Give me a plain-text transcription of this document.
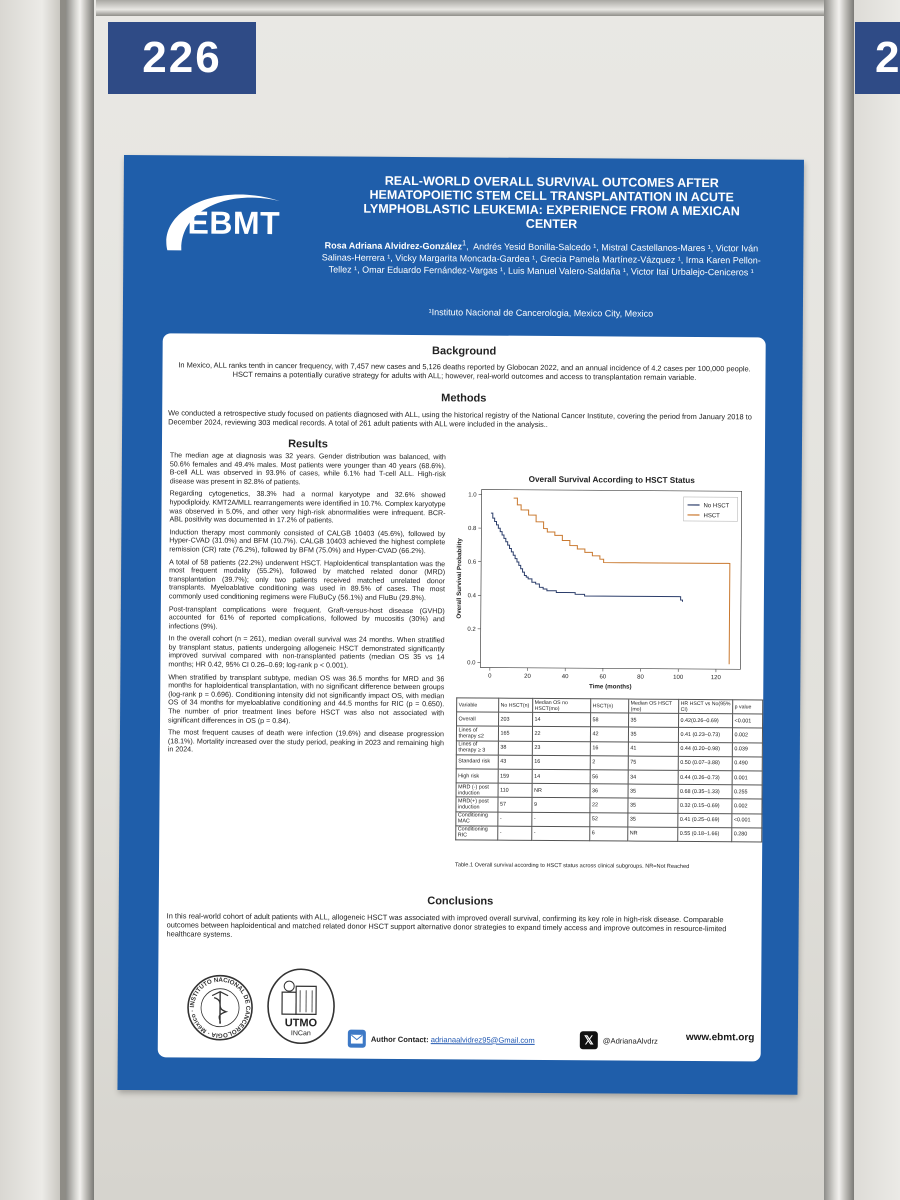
226	2
EBMT
REAL-WORLD OVERALL SURVIVAL OUTCOMES AFTER HEMATOPOIETIC STEM CELL TRANSPLANTATION IN ACUTE LYMPHOBLASTIC LEUKEMIA: EXPERIENCE FROM A MEXICAN CENTER
Rosa Adriana Alvidrez-González$^1$,  Andrés Yesid Bonilla-Salcedo ¹, Mistral Castellanos-Mares ¹, Victor Iván Salinas-Herrera ¹, Vicky Margarita Moncada-Gardea ¹, Grecia Pamela Martínez-Vázquez ¹, Irma Karen Pellon-Tellez ¹, Omar Eduardo Fernández-Vargas ¹, Luis Manuel Valero-Saldaña ¹, Victor Itaí Urbalejo-Ceniceros ¹
¹Instituto Nacional de Cancerologia, Mexico City, Mexico
Background
In Mexico, ALL ranks tenth in cancer frequency, with 7,457 new cases and 5,126 deaths reported by Globocan 2022, and an annual incidence of 4.2 cases per 100,000 people. HSCT remains a potentially curative strategy for adults with ALL; however, real-world outcomes and access to transplantation remain variable.
Methods
We conducted a retrospective study focused on patients diagnosed with ALL, using the historical registry of the National Cancer Institute, covering the period from January 2018 to December 2024, reviewing 303 medical records. A total of 261 adult patients with ALL were included in the analysis..
Results

The median age at diagnosis was 32 years. Gender distribution was balanced, with 50.6% females and 49.4% males. Most patients were younger than 40 years (68.6%). B-cell ALL was observed in 93.9% of cases, while 6.1% had T-cell ALL. High-risk disease was present in 82.8% of patients.

Regarding cytogenetics, 38.3% had a normal karyotype and 32.6% showed hypodiploidy. KMT2A/MLL rearrangements were identified in 10.7%. Complex karyotype was observed in 5.0%, and other very high-risk abnormalities were infrequent. BCR-ABL positivity was documented in 17.2% of patients.

Induction therapy most commonly consisted of CALGB 10403 (45.6%), followed by Hyper-CVAD (31.0%) and BFM (10.7%). CALGB 10403 achieved the highest complete remission (CR) rate (76.2%), followed by BFM (75.0%) and Hyper-CVAD (66.2%).

A total of 58 patients (22.2%) underwent HSCT. Haploidentical transplantation was the most frequent modality (55.2%), followed by matched related donor (MRD) transplantation (39.7%); only two patients received matched unrelated donor transplants. Myeloablative conditioning was used in 89.5% of cases. The most commonly used conditioning regimens were FluBuCy (56.1%) and FluBu (29.8%).

Post-transplant complications were frequent. Graft-versus-host disease (GVHD) accounted for 61% of reported complications, followed by mucositis (30%) and infections (9%).

In the overall cohort (n = 261), median overall survival was 24 months. When stratified by transplant status, patients undergoing allogeneic HSCT demonstrated significantly improved survival compared with non-transplanted patients (median OS 35 vs 14 months; HR 0.42, 95% CI 0.26–0.69; log-rank p < 0.001).

When stratified by transplant subtype, median OS was 36.5 months for MRD and 36 months for haploidentical transplantation, with no significant difference between groups (log-rank p = 0.696). Conditioning intensity did not significantly impact OS, with median OS of 34 months for myeloablative conditioning and 44.5 months for RIC (p = 0.650). The number of prior treatment lines before HSCT was also not associated with significant differences in OS (p = 0.84).

The most frequent causes of death were infection (19.6%) and disease progression (18.1%). Mortality increased over the study period, peaking in 2023 and remaining high in 2024.

Overall Survival According to HSCT Status
Time (months)
Overall Survival Probability
0	20	40	60	80	100	120
0.0
0.2
0.4
0.6
0.8
1.0
No HSCT
HSCT
Variable	No HSCT(n)	Median OS no HSCT(mo)	HSCT(n)	Median OS HSCT (mo)	HR HSCT vs No(95% CI)	p value
Overall	203	14	58	35	0.42(0.26–0.69)	<0.001
Lines of therapy ≤2	165	22	42	35	0.41 (0.23–0.73)	0.002
Lines of therapy ≥ 3	38	23	16	41	0.44 (0.20–0.98)	0.039
Standard risk	43	16	2	75	0.50 (0.07–3.88)	0.490
High risk	159	14	56	34	0.44 (0.26–0.73)	0.001
MRD (-) post induction	110	NR	36	35	0.68 (0.35–1.33)	0.255
MRD(+) post induction	57	9	22	35	0.32 (0.15–0.69)	0.002
Conditioning MAC	-	-	52	35	0.41 (0.25–0.69)	<0.001
Conditioning RIC	-	-	6	NR	0.55 (0.18–1.66)	0.280
Table.1 Overall survival according to HSCT status across clinical subgroups. NR=Not Reached
Conclusions
In this real-world cohort of adult patients with ALL, allogeneic HSCT was associated with improved overall survival, confirming its key role in high-risk disease. Comparable outcomes between haploidentical and matched related donor HSCT support alternative donor strategies to expand timely access and improve outcomes in resource-limited healthcare systems.
INSTITUTO NACIONAL DE CANCEROLOGIA · México ·
UTMO
INCan
Author Contact:
adrianaalvidrez95@Gmail.com	𝕏	@AdrianaAlvdrz	www.ebmt.org
